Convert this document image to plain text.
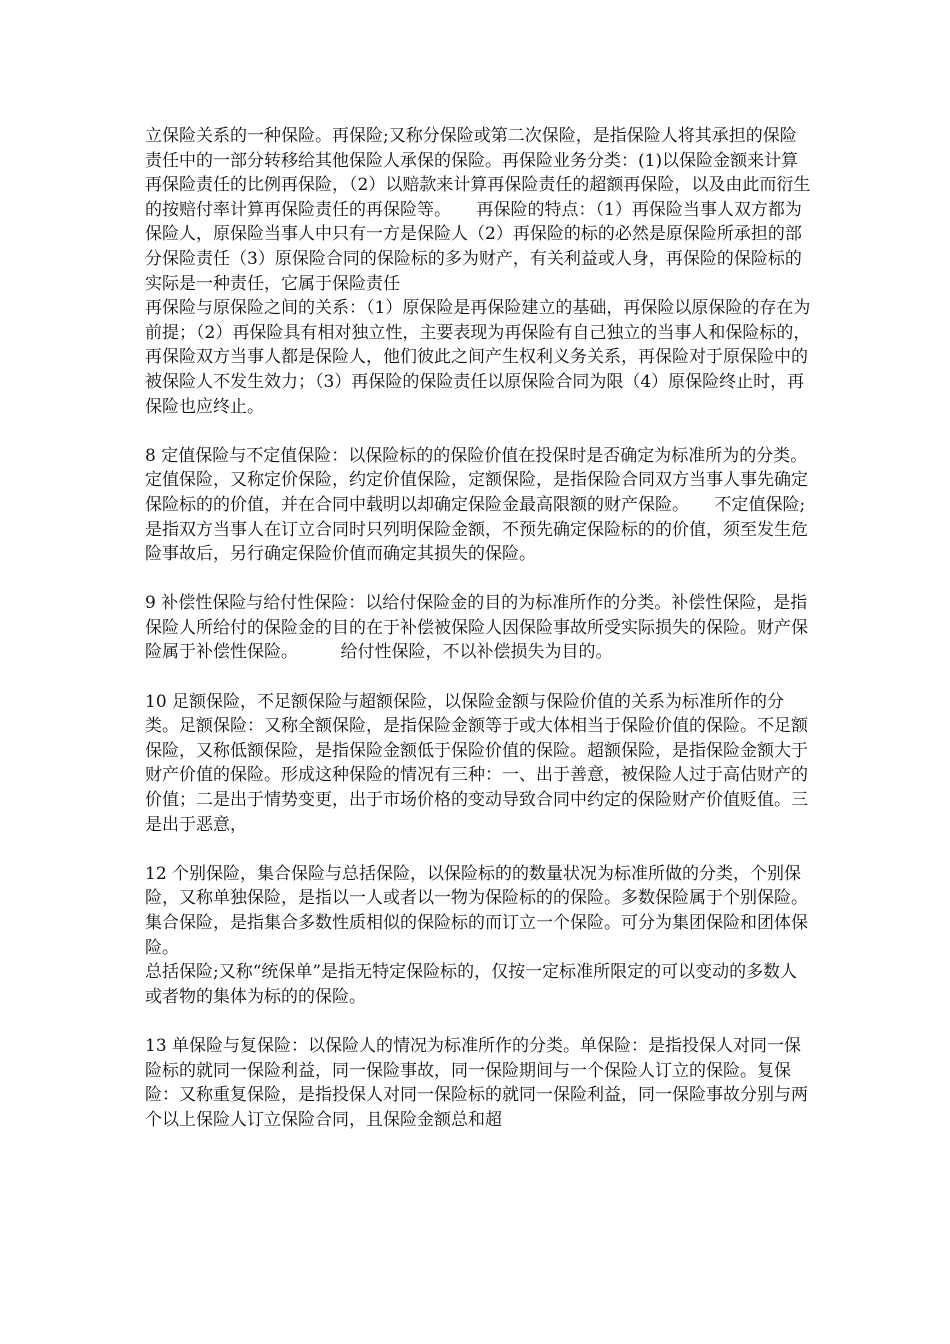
立保险关系的一种保险。再保险;又称分保险或第二次保险，是指保险人将其承担的保险责任中的一部分转移给其他保险人承保的保险。再保险业务分类：(1)以保险金额来计算再保险责任的比例再保险，（2）以赔款来计算再保险责任的超额再保险，以及由此而衍生的按赔付率计算再保险责任的再保险等。　　再保险的特点：（1）再保险当事人双方都为保险人，原保险当事人中只有一方是保险人（2）再保险的标的必然是原保险所承担的部分保险责任（3）原保险合同的保险标的多为财产，有关利益或人身，再保险的保险标的实际是一种责任，它属于保险责任

再保险与原保险之间的关系：（1）原保险是再保险建立的基础，再保险以原保险的存在为前提；（2）再保险具有相对独立性，主要表现为再保险有自己独立的当事人和保险标的，再保险双方当事人都是保险人，他们彼此之间产生权利义务关系，再保险对于原保险中的被保险人不发生效力；（3）再保险的保险责任以原保险合同为限（4）原保险终止时，再保险也应终止。

8 定值保险与不定值保险：以保险标的的保险价值在投保时是否确定为标准所为的分类。定值保险，又称定价保险，约定价值保险，定额保险，是指保险合同双方当事人事先确定保险标的的价值，并在合同中载明以却确定保险金最高限额的财产保险。　　不定值保险;是指双方当事人在订立合同时只列明保险金额，不预先确定保险标的的价值，须至发生危险事故后，另行确定保险价值而确定其损失的保险。

9 补偿性保险与给付性保险：以给付保险金的目的为标准所作的分类。补偿性保险，是指保险人所给付的保险金的目的在于补偿被保险人因保险事故所受实际损失的保险。财产保险属于补偿性保险。　　　给付性保险，不以补偿损失为目的。

10 足额保险，不足额保险与超额保险，以保险金额与保险价值的关系为标准所作的分类。足额保险：又称全额保险，是指保险金额等于或大体相当于保险价值的保险。不足额保险，又称低额保险，是指保险金额低于保险价值的保险。超额保险，是指保险金额大于财产价值的保险。形成这种保险的情况有三种：一、出于善意，被保险人过于高估财产的价值；二是出于情势变更，出于市场价格的变动导致合同中约定的保险财产价值贬值。三是出于恶意，

12 个别保险，集合保险与总括保险，以保险标的的数量状况为标准所做的分类，个别保险，又称单独保险，是指以一人或者以一物为保险标的的保险。多数保险属于个别保险。　集合保险，是指集合多数性质相似的保险标的而订立一个保险。可分为集团保险和团体保险。

总括保险;又称“统保单”是指无特定保险标的，仅按一定标准所限定的可以变动的多数人或者物的集体为标的的保险。

13 单保险与复保险：以保险人的情况为标准所作的分类。单保险：是指投保人对同一保险标的就同一保险利益，同一保险事故，同一保险期间与一个保险人订立的保险。复保险：又称重复保险，是指投保人对同一保险标的就同一保险利益，同一保险事故分别与两个以上保险人订立保险合同，且保险金额总和超
